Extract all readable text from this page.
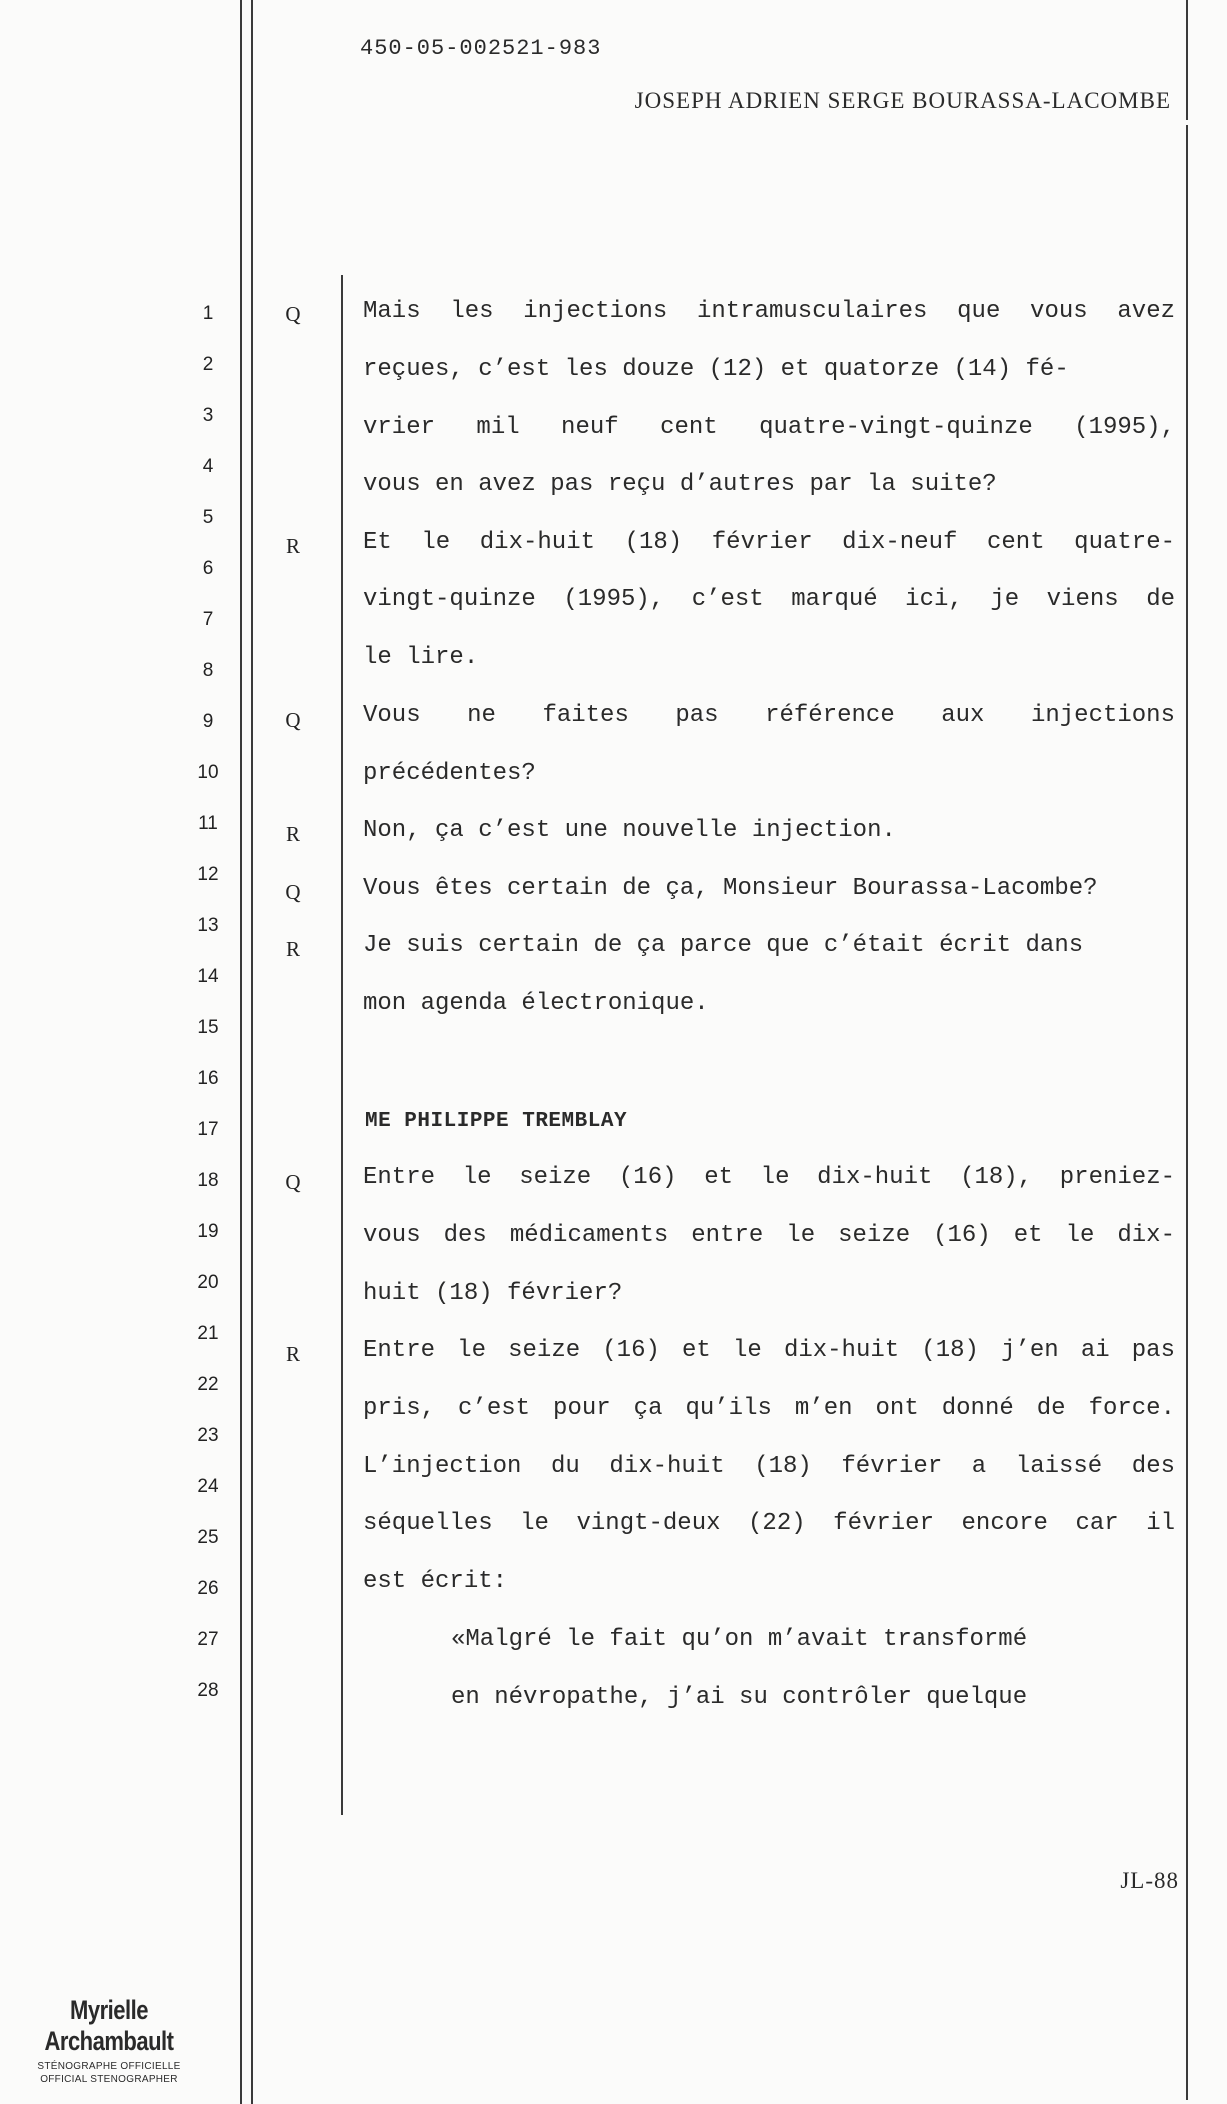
450-05-002521-983
JOSEPH ADRIEN SERGE BOURASSA-LACOMBE
1
2
3
4
5
6
7
8
9
10
11
12
13
14
15
16
17
18
19
20
21
22
23
24
25
26
27
28
Q
R
Q
R
Q
R
Q
R
Mais les injections intramusculaires que vous avez
reçues, c’est les douze (12) et quatorze (14) fé-
vrier mil neuf cent quatre-vingt-quinze (1995),
vous en avez pas reçu d’autres par la suite?
Et le dix-huit (18) février dix-neuf cent quatre-
vingt-quinze (1995), c’est marqué ici, je viens de
le lire.
Vous ne faites pas référence aux injections
précédentes?
Non, ça c’est une nouvelle injection.
Vous êtes certain de ça, Monsieur Bourassa-Lacombe?
Je suis certain de ça parce que c’était écrit dans
mon agenda électronique.
ME PHILIPPE TREMBLAY
Entre le seize (16) et le dix-huit (18), preniez-
vous des médicaments entre le seize (16) et le dix-
huit (18) février?
Entre le seize (16) et le dix-huit (18) j’en ai pas
pris, c’est pour ça qu’ils m’en ont donné de force.
L’injection du dix-huit (18) février a laissé des
séquelles le vingt-deux (22) février encore car il
est écrit:
«Malgré le fait qu’on m’avait transformé
en névropathe, j’ai su contrôler quelque
JL-88
Myrielle Archambault
STÉNOGRAPHE OFFICIELLE
OFFICIAL STENOGRAPHER
